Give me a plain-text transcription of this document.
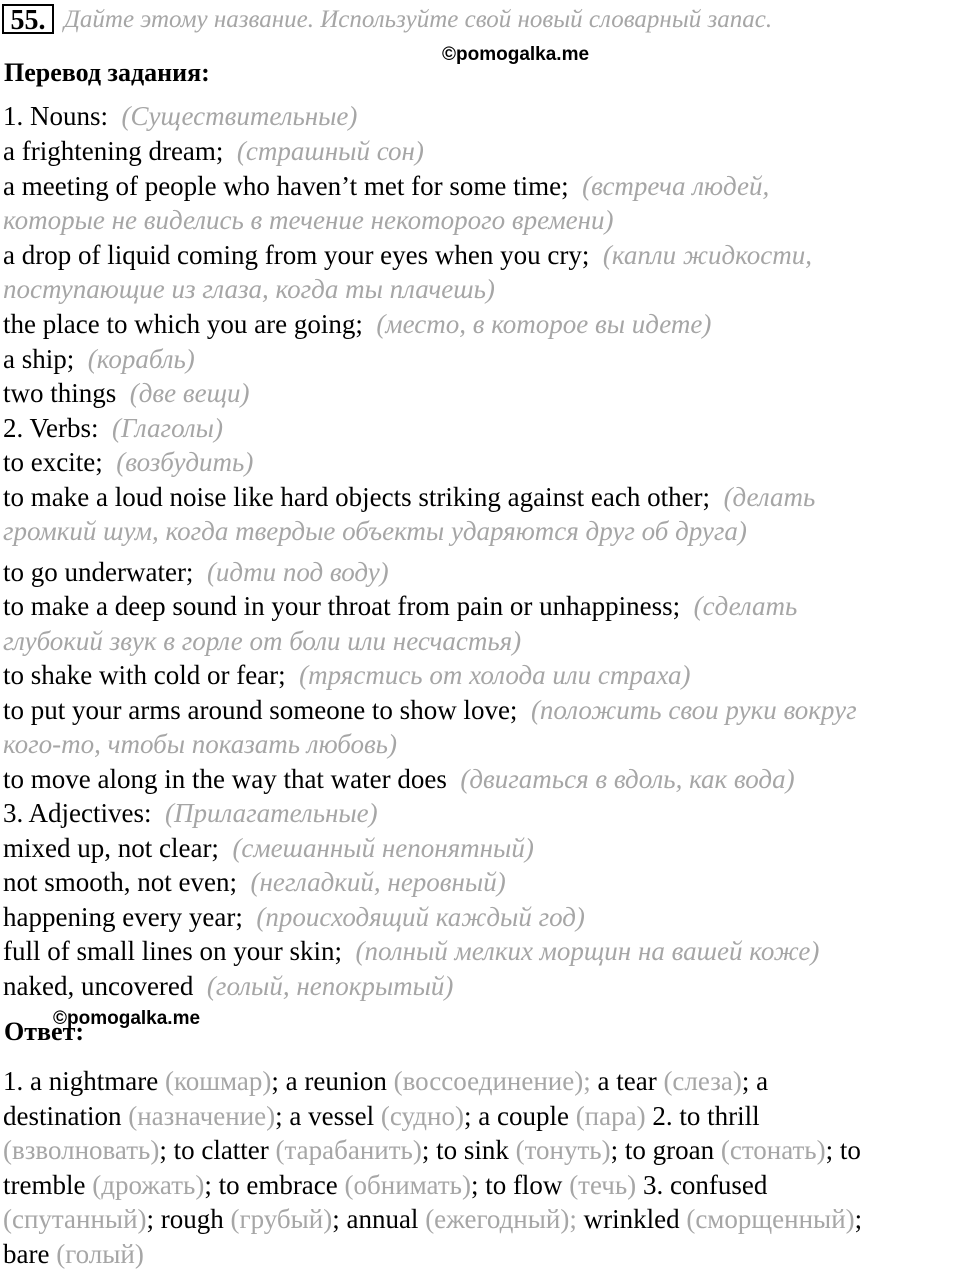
55. Дайте этому название. Используйте свой новый словарный запас.
©pomogalka.me
Перевод задания:
1. Nouns: (Существительные)
a frightening dream; (страшный сон)
a meeting of people who haven’t met for some time; (встреча людей,
которые не виделись в течение некоторого времени)
a drop of liquid coming from your eyes when you cry; (капли жидкости,
поступающие из глаза, когда ты плачешь)
the place to which you are going; (место, в которое вы идете)
a ship; (корабль)
two things (две вещи)
2. Verbs: (Глаголы)
to excite; (возбудить)
to make a loud noise like hard objects striking against each other; (делать
громкий шум, когда твердые объекты ударяются друг об друга)
to go underwater; (идти под воду)
to make a deep sound in your throat from pain or unhappiness; (сделать
глубокий звук в горле от боли или несчастья)
to shake with cold or fear; (трястись от холода или страха)
to put your arms around someone to show love; (положить свои руки вокруг
кого-то, чтобы показать любовь)
to move along in the way that water does (двигаться в вдоль, как вода)
3. Adjectives: (Прилагательные)
mixed up, not clear; (смешанный непонятный)
not smooth, not even; (негладкий, неровный)
happening every year; (происходящий каждый год)
full of small lines on your skin; (полный мелких морщин на вашей коже)
naked, uncovered (голый, непокрытый)
Ответ:
©pomogalka.me
1. a nightmare (кошмар); a reunion (воссоединение); a tear (слеза); a
destination (назначение); a vessel (судно); a couple (пара) 2. to thrill
(взволновать); to clatter (тарабанить); to sink (тонуть); to groan (стонать); to
tremble (дрожать); to embrace (обнимать); to flow (течь) 3. confused
(спутанный); rough (грубый); annual (ежегодный); wrinkled (сморщенный);
bare (голый)
